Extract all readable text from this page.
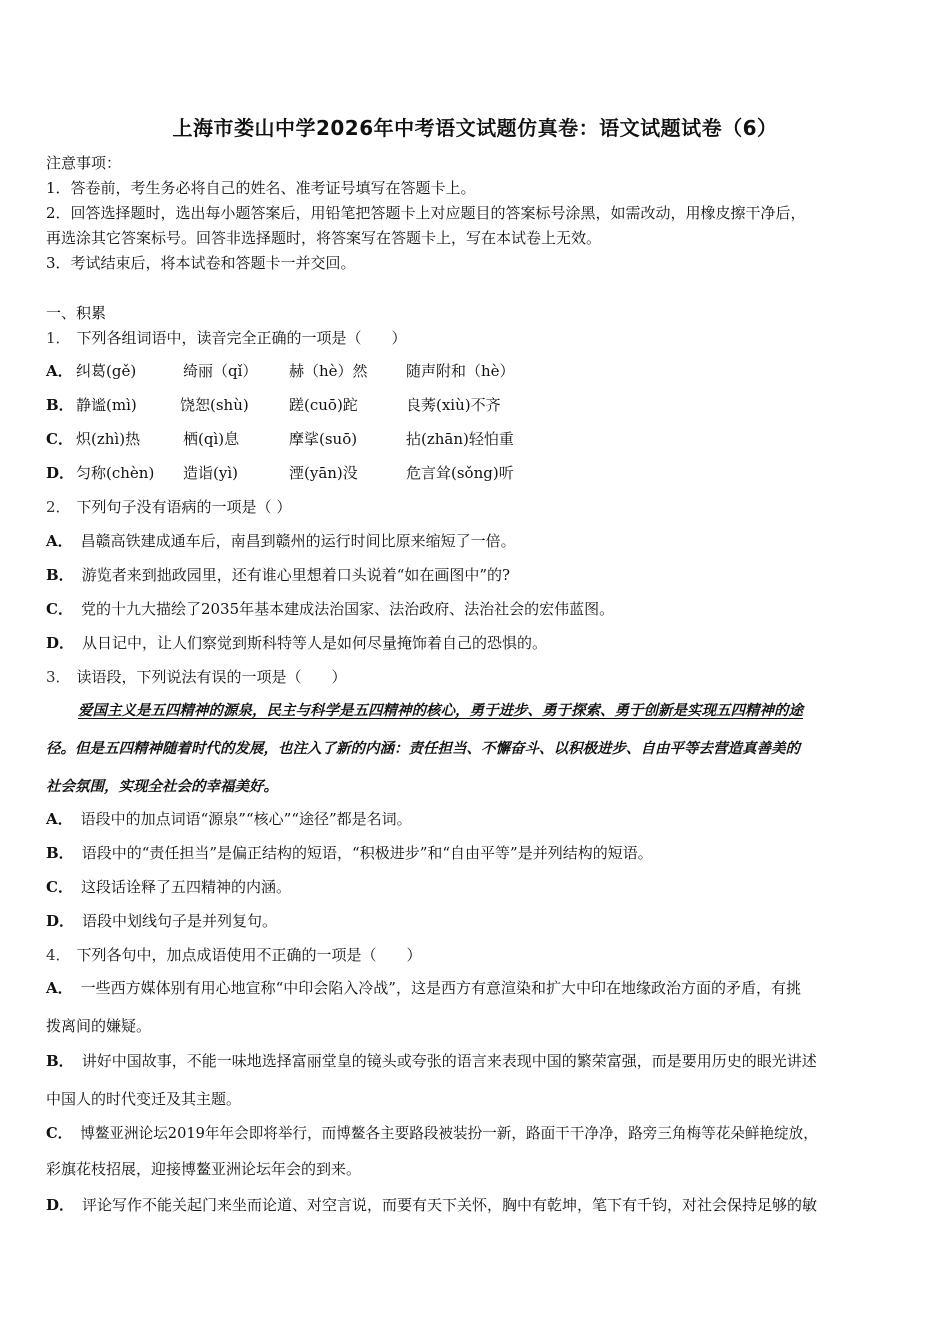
上海市娄山中学2026年中考语文试题仿真卷：语文试题试卷（6）
注意事项：
1．答卷前，考生务必将自己的姓名、准考证号填写在答题卡上。
2．回答选择题时，选出每小题答案后，用铅笔把答题卡上对应题目的答案标号涂黑，如需改动，用橡皮擦干净后，
再选涂其它答案标号。回答非选择题时，将答案写在答题卡上，写在本试卷上无效。
3．考试结束后，将本试卷和答题卡一并交回。
一、积累
1． 下列各组词语中，读音完全正确的一项是（　　）
A． 纠葛(gě)	绮丽（qǐ） 赫（hè）然	随声附和（hè）
B． 静谧(mì)	饶恕(shù)	蹉(cuō)跎	良莠(xiù)不齐
C． 炽(zhì)热	栖(qì)息	摩挲(suō)	拈(zhān)轻怕重
D． 匀称(chèn) 造诣(yì)	湮(yān)没	危言耸(sǒng)听
2． 下列句子没有语病的一项是（ ）
A． 昌赣高铁建成通车后，南昌到赣州的运行时间比原来缩短了一倍。
B． 游览者来到拙政园里，还有谁心里想着口头说着“如在画图中”的?
C． 党的十九大描绘了2035年基本建成法治国家、法治政府、法治社会的宏伟蓝图。
D． 从日记中，让人们察觉到斯科特等人是如何尽量掩饰着自己的恐惧的。
3． 读语段，下列说法有误的一项是（　　）
爱国主义是五四精神的源泉，民主与科学是五四精神的核心，勇于进步、勇于探索、勇于创新是实现五四精神的途
径。但是五四精神随着时代的发展，也注入了新的内涵：责任担当、不懈奋斗、以积极进步、自由平等去营造真善美的
社会氛围，实现全社会的幸福美好。
A． 语段中的加点词语“源泉”“核心”“途径”都是名词。
B． 语段中的“责任担当”是偏正结构的短语，“积极进步”和“自由平等”是并列结构的短语。
C． 这段话诠释了五四精神的内涵。
D． 语段中划线句子是并列复句。
4． 下列各句中，加点成语使用不正确的一项是（　　）
A． 一些西方媒体别有用心地宣称“中印会陷入冷战”，这是西方有意渲染和扩大中印在地缘政治方面的矛盾，有挑
拨离间的嫌疑。
B． 讲好中国故事，不能一味地选择富丽堂皇的镜头或夸张的语言来表现中国的繁荣富强，而是要用历史的眼光讲述
中国人的时代变迁及其主题。
C． 博鳌亚洲论坛2019年年会即将举行，而博鳌各主要路段被装扮一新，路面干干净净，路旁三角梅等花朵鲜艳绽放，
彩旗花枝招展，迎接博鳌亚洲论坛年会的到来。
D． 评论写作不能关起门来坐而论道、对空言说，而要有天下关怀，胸中有乾坤，笔下有千钧，对社会保持足够的敏
